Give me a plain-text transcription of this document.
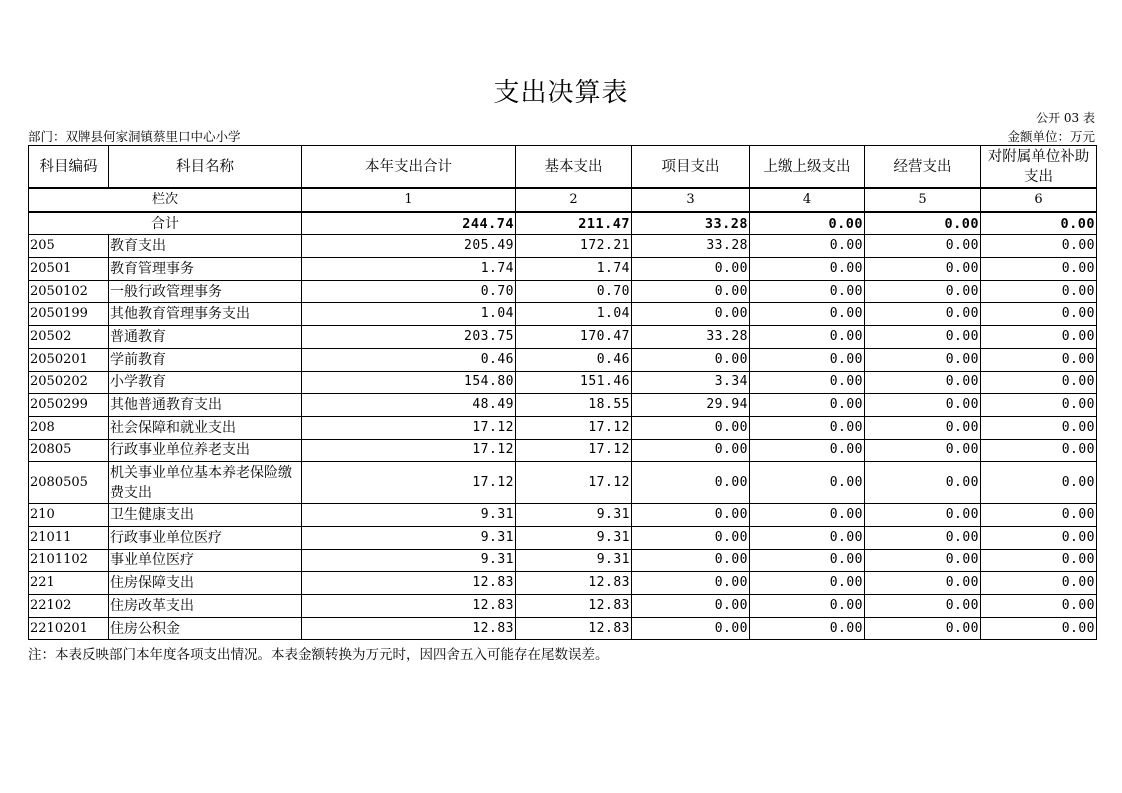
支出决算表
公开 03 表
部门：双牌县何家洞镇蔡里口中心小学	金额单位：万元
科目编码	科目名称	本年支出合计	基本支出	项目支出	上缴上级支出	经营支出	对附属单位补助支出
栏次		1	2	3	4	5	6
合计		244.74	211.47	33.28	0.00	0.00	0.00
205	教育支出	205.49	172.21	33.28	0.00	0.00	0.00
20501	教育管理事务	1.74	1.74	0.00	0.00	0.00	0.00
2050102	一般行政管理事务	0.70	0.70	0.00	0.00	0.00	0.00
2050199	其他教育管理事务支出	1.04	1.04	0.00	0.00	0.00	0.00
20502	普通教育	203.75	170.47	33.28	0.00	0.00	0.00
2050201	学前教育	0.46	0.46	0.00	0.00	0.00	0.00
2050202	小学教育	154.80	151.46	3.34	0.00	0.00	0.00
2050299	其他普通教育支出	48.49	18.55	29.94	0.00	0.00	0.00
208	社会保障和就业支出	17.12	17.12	0.00	0.00	0.00	0.00
20805	行政事业单位养老支出	17.12	17.12	0.00	0.00	0.00	0.00
2080505	机关事业单位基本养老保险缴费支出	17.12	17.12	0.00	0.00	0.00	0.00
210	卫生健康支出	9.31	9.31	0.00	0.00	0.00	0.00
21011	行政事业单位医疗	9.31	9.31	0.00	0.00	0.00	0.00
2101102	事业单位医疗	9.31	9.31	0.00	0.00	0.00	0.00
221	住房保障支出	12.83	12.83	0.00	0.00	0.00	0.00
22102	住房改革支出	12.83	12.83	0.00	0.00	0.00	0.00
2210201	住房公积金	12.83	12.83	0.00	0.00	0.00	0.00
注：本表反映部门本年度各项支出情况。本表金额转换为万元时，因四舍五入可能存在尾数误差。
